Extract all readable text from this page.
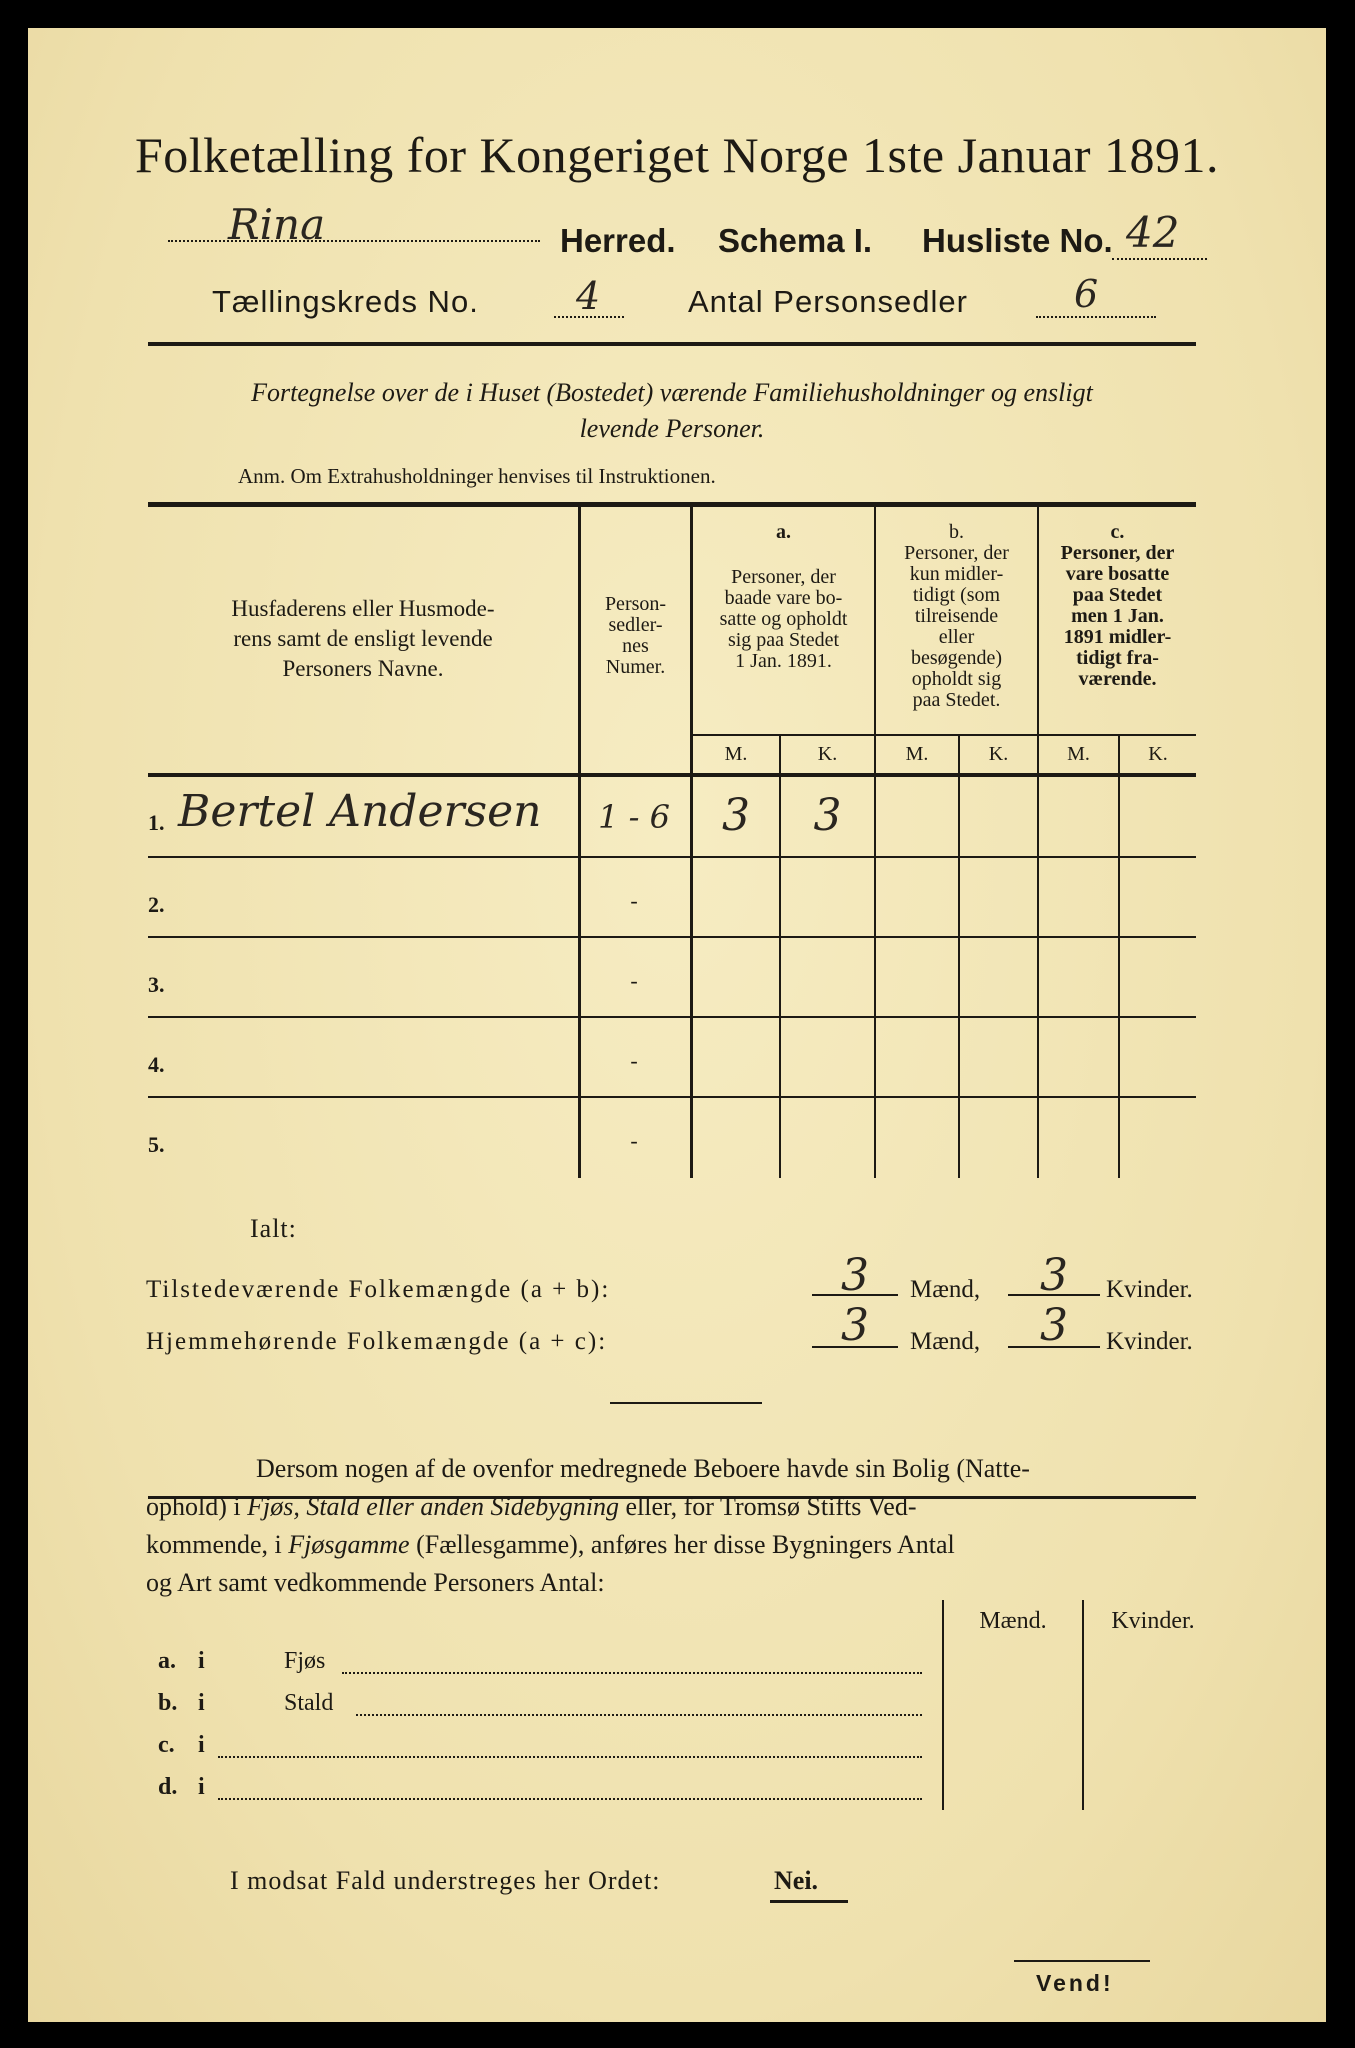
Folketælling for Kongeriget Norge 1ste Januar 1891.
Rina	Herred. Schema I. Husliste No. 42
Tællingskreds No.	4	Antal Personsedler	6
Fortegnelse over de i Huset (Bostedet) værende Familiehusholdninger og ensligt
levende Personer.
Anm. Om Extrahusholdninger henvises til Instruktionen.
Husfaderens eller Husmode-
rens samt de ensligt levende
Personers Navne.
Person-
sedler-
nes
Numer.
a.
Personer, der
baade vare bo-
satte og opholdt
sig paa Stedet
1 Jan. 1891.
b.
Personer, der
kun midler-
tidigt (som
tilreisende
eller
besøgende)
opholdt sig
paa Stedet.
c.
Personer, der
vare bosatte
paa Stedet
men 1 Jan.
1891 midler-
tidigt fra-
værende.
M.	K.	M.	K.	M.	K.
1. Bertel Andersen	1 - 6	3	3
2.	-
3.	-
4.	-
5.	-
Ialt:
Tilstedeværende Folkemængde (a + b):	3	Mænd,	3	Kvinder.
Hjemmehørende Folkemængde (a + c):	3	Mænd,	3	Kvinder.
Dersom nogen af de ovenfor medregnede Beboere havde sin Bolig (Natte-
ophold) i Fjøs, Stald eller anden Sidebygning eller, for Tromsø Stifts Ved-
kommende, i Fjøsgamme (Fællesgamme), anføres her disse Bygningers Antal
og Art samt vedkommende Personers Antal:
Mænd.	Kvinder.
a. i	Fjøs
b. i	Stald
c. i
d. i
I modsat Fald understreges her Ordet:	Nei.
Vend!
